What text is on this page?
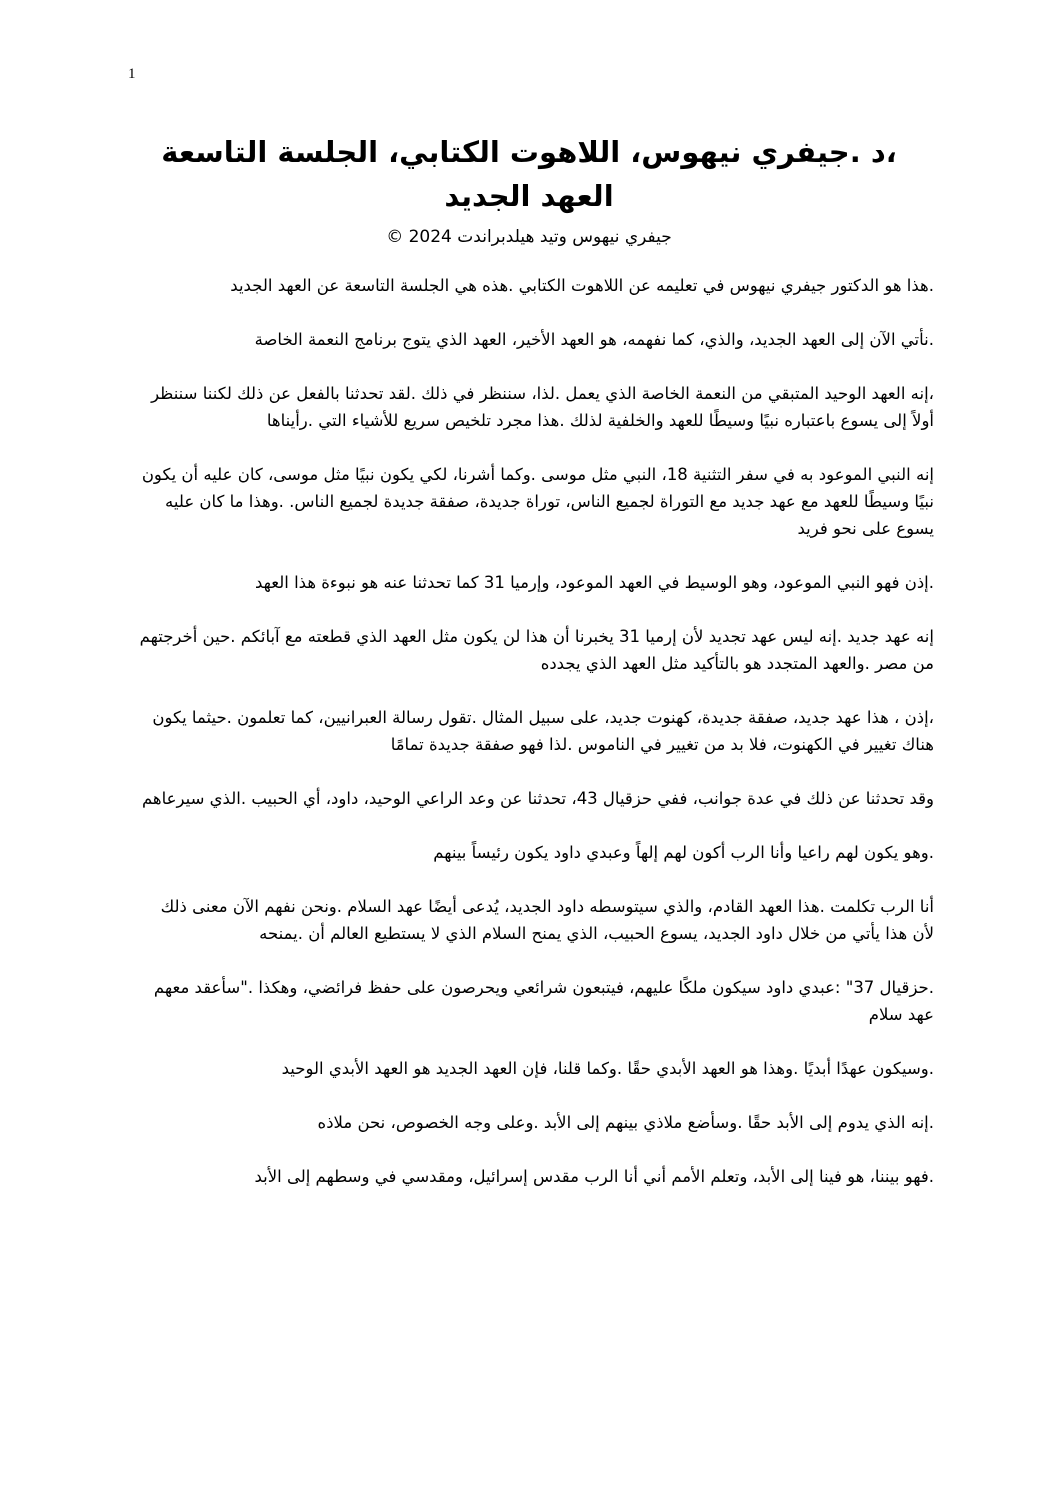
1
،د .جيفري نيهوس، اللاهوت الكتابي، الجلسة التاسعة
العهد الجديد
جيفري نيهوس وتيد هيلدبراندت 2024 ©

.هذا هو الدكتور جيفري نيهوس في تعليمه عن اللاهوت الكتابي .هذه هي الجلسة التاسعة عن العهد الجديد

.نأتي الآن إلى العهد الجديد، والذي، كما نفهمه، هو العهد الأخير، العهد الذي يتوج برنامج النعمة الخاصة

،إنه العهد الوحيد المتبقي من النعمة الخاصة الذي يعمل .لذا، سننظر في ذلك .لقد تحدثنا بالفعل عن ذلك لكننا سننظر أولاً إلى يسوع باعتباره نبيًا وسيطًا للعهد والخلفية لذلك .هذا مجرد تلخيص سريع للأشياء التي .رأيناها

إنه النبي الموعود به في سفر التثنية 18، النبي مثل موسى .وكما أشرنا، لكي يكون نبيًا مثل موسى، كان عليه أن يكون نبيًا وسيطًا للعهد مع عهد جديد مع التوراة لجميع الناس، توراة جديدة، صفقة جديدة لجميع الناس. .وهذا ما كان عليه يسوع على نحو فريد

.إذن فهو النبي الموعود، وهو الوسيط في العهد الموعود، وإرميا 31 كما تحدثنا عنه هو نبوءة هذا العهد

إنه عهد جديد .إنه ليس عهد تجديد لأن إرميا 31 يخبرنا أن هذا لن يكون مثل العهد الذي قطعته مع آبائكم .حين أخرجتهم من مصر .والعهد المتجدد هو بالتأكيد مثل العهد الذي يجدده

،إذن ، هذا عهد جديد، صفقة جديدة، كهنوت جديد، على سبيل المثال .تقول رسالة العبرانيين، كما تعلمون .حيثما يكون هناك تغيير في الكهنوت، فلا بد من تغيير في الناموس .لذا فهو صفقة جديدة تمامًا

وقد تحدثنا عن ذلك في عدة جوانب، ففي حزقيال 43، تحدثنا عن وعد الراعي الوحيد، داود، أي الحبيب .الذي سيرعاهم

.وهو يكون لهم راعيا وأنا الرب أكون لهم إلهاً وعبدي داود يكون رئيساً بينهم

أنا الرب تكلمت .هذا العهد القادم، والذي سيتوسطه داود الجديد، يُدعى أيضًا عهد السلام .ونحن نفهم الآن معنى ذلك لأن هذا يأتي من خلال داود الجديد، يسوع الحبيب، الذي يمنح السلام الذي لا يستطيع العالم أن .يمنحه

.حزقيال 37" :عبدي داود سيكون ملكًا عليهم، فيتبعون شرائعي ويحرصون على حفظ فرائضي، وهكذا ."سأعقد معهم عهد سلام

.وسيكون عهدًا أبديًا .وهذا هو العهد الأبدي حقًا .وكما قلنا، فإن العهد الجديد هو العهد الأبدي الوحيد

.إنه الذي يدوم إلى الأبد حقًا .وسأضع ملاذي بينهم إلى الأبد .وعلى وجه الخصوص، نحن ملاذه

.فهو بيننا، هو فينا إلى الأبد، وتعلم الأمم أني أنا الرب مقدس إسرائيل، ومقدسي في وسطهم إلى الأبد
